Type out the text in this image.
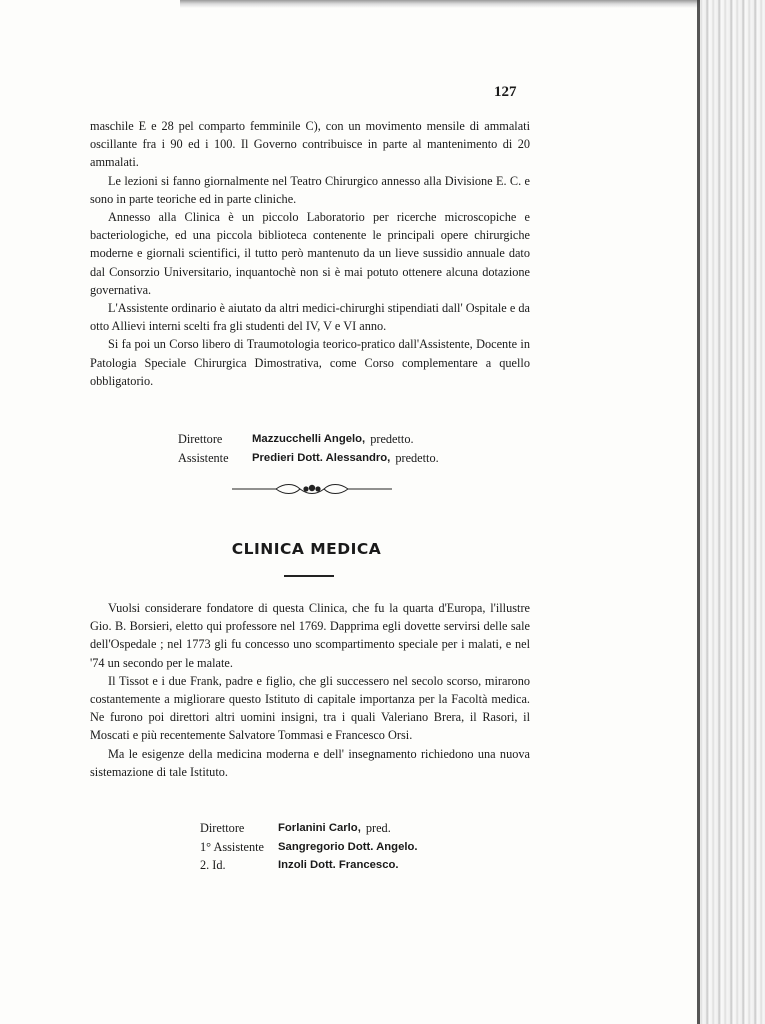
127

maschile E e 28 pel comparto femminile C), con un movimento mensile di ammalati oscillante fra i 90 ed i 100. Il Governo contribuisce in parte al mantenimento di 20 ammalati.

Le lezioni si fanno giornalmente nel Teatro Chirurgico annesso alla Divisione E. C. e sono in parte teoriche ed in parte cliniche.

Annesso alla Clinica è un piccolo Laboratorio per ricerche microscopiche e bacteriologiche, ed una piccola biblioteca contenente le principali opere chirurgiche moderne e giornali scientifici, il tutto però mantenuto da un lieve sussidio annuale dato dal Consorzio Universitario, inquantochè non si è mai potuto ottenere alcuna dotazione governativa.

L'Assistente ordinario è aiutato da altri medici-chirurghi stipendiati dall' Ospitale e da otto Allievi interni scelti fra gli studenti del IV, V e VI anno.

Si fa poi un Corso libero di Traumotologia teorico-pratico dall'Assistente, Docente in Patologia Speciale Chirurgica Dimostrativa, come Corso complementare a quello obbligatorio.

Direttore	Mazzucchelli Angelo, predetto.
Assistente	Predieri Dott. Alessandro, predetto.
CLINICA MEDICA

Vuolsi considerare fondatore di questa Clinica, che fu la quarta d'Europa, l'illustre Gio. B. Borsieri, eletto qui professore nel 1769. Dapprima egli dovette servirsi delle sale dell'Ospedale ; nel 1773 gli fu concesso uno scompartimento speciale per i malati, e nel '74 un secondo per le malate.

Il Tissot e i due Frank, padre e figlio, che gli successero nel secolo scorso, mirarono costantemente a migliorare questo Istituto di capitale importanza per la Facoltà medica. Ne furono poi direttori altri uomini insigni, tra i quali Valeriano Brera, il Rasori, il Moscati e più recentemente Salvatore Tommasi e Francesco Orsi.

Ma le esigenze della medicina moderna e dell' insegnamento richiedono una nuova sistemazione di tale Istituto.

Direttore	Forlanini Carlo, pred.
1° Assistente	Sangregorio Dott. Angelo.
2. Id.	Inzoli Dott. Francesco.
